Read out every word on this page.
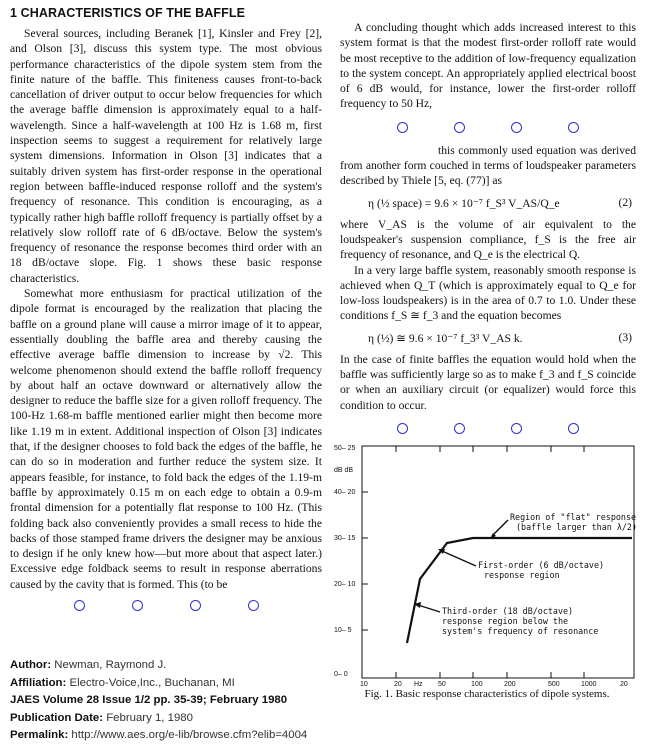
1 CHARACTERISTICS OF THE BAFFLE

Several sources, including Beranek [1], Kinsler and Frey [2], and Olson [3], discuss this system type. The most obvious performance characteristics of the dipole system stem from the finite nature of the baffle. This finiteness causes front-to-back cancellation of driver output to occur below frequencies for which the average baffle dimension is approximately equal to a half-wavelength. Since a half-wavelength at 100 Hz is 1.68 m, first inspection seems to suggest a requirement for relatively large system dimensions. Information in Olson [3] indicates that a suitably driven system has first-order response in the operational region between baffle-induced response rolloff and the system's frequency of resonance. This condition is encouraging, as a typically rather high baffle rolloff frequency is partially offset by a relatively slow rolloff rate of 6 dB/octave. Below the system's frequency of resonance the response becomes third order with an 18 dB/octave slope. Fig. 1 shows these basic response characteristics.

Somewhat more enthusiasm for practical utilization of the dipole format is encouraged by the realization that placing the baffle on a ground plane will cause a mirror image of it to appear, essentially doubling the baffle area and thereby causing the effective average baffle dimension to increase by √2. This welcome phenomenon should extend the baffle rolloff frequency by about half an octave downward or alternatively allow the designer to reduce the baffle size for a given rolloff frequency. The 100-Hz 1.68-m baffle mentioned earlier might then become more like 1.19 m in extent. Additional inspection of Olson [3] indicates that, if the designer chooses to fold back the edges of the baffle, he can do so in moderation and further reduce the system size. It appears feasible, for instance, to fold back the edges of the 1.19-m baffle by approximately 0.15 m on each edge to obtain a 0.9-m frontal dimension for a potentially flat response to 100 Hz. (This folding back also conveniently provides a small recess to hide the backs of those stamped frame drivers the designer may be anxious to design if he only knew how—but more about that aspect later.) Excessive edge foldback seems to result in response aberrations caused by the cavity that is formed. This (to be

A concluding thought which adds increased interest to this system format is that the modest first-order rolloff rate would be most receptive to the addition of low-frequency equalization to the system concept. An appropriately applied electrical boost of 6 dB would, for instance, lower the first-order rolloff frequency to 50 Hz,

this commonly used equation was derived from another form couched in terms of loudspeaker parameters described by Thiele [5, eq. (77)] as

η (½ space) = 9.6 × 10⁻⁷ f_S³ V_AS/Q_e	(2)

where V_AS is the volume of air equivalent to the loudspeaker's suspension compliance, f_S is the free air frequency of resonance, and Q_e is the electrical Q.

In a very large baffle system, reasonably smooth response is achieved when Q_T (which is approximately equal to Q_e for low-loss loudspeakers) is in the area of 0.7 to 1.0. Under these conditions f_S ≅ f_3 and the equation becomes

η (½) ≅ 9.6 × 10⁻⁷ f_3³ V_AS k.	(3)

In the case of finite baffles the equation would hold when the baffle was sufficiently large so as to make f_3 and f_S coincide or when an auxiliary circuit (or equalizer) would force this condition to occur.

50– 25
dB dB
40– 20
30– 15
20– 10
10– 5
0– 0
10	20 Hz 50	100	200	500	1000	20
Region of "flat" response
(baffle larger than λ/2)
First-order (6 dB/octave)
response region
Third-order (18 dB/octave)
response region below the
system's frequency of resonance
Fig. 1. Basic response characteristics of dipole systems.
Author: Newman, Raymond J.
Affiliation: Electro-Voice,Inc., Buchanan, MI
JAES Volume 28 Issue 1/2 pp. 35-39; February 1980
Publication Date: February 1, 1980
Permalink: http://www.aes.org/e-lib/browse.cfm?elib=4004
